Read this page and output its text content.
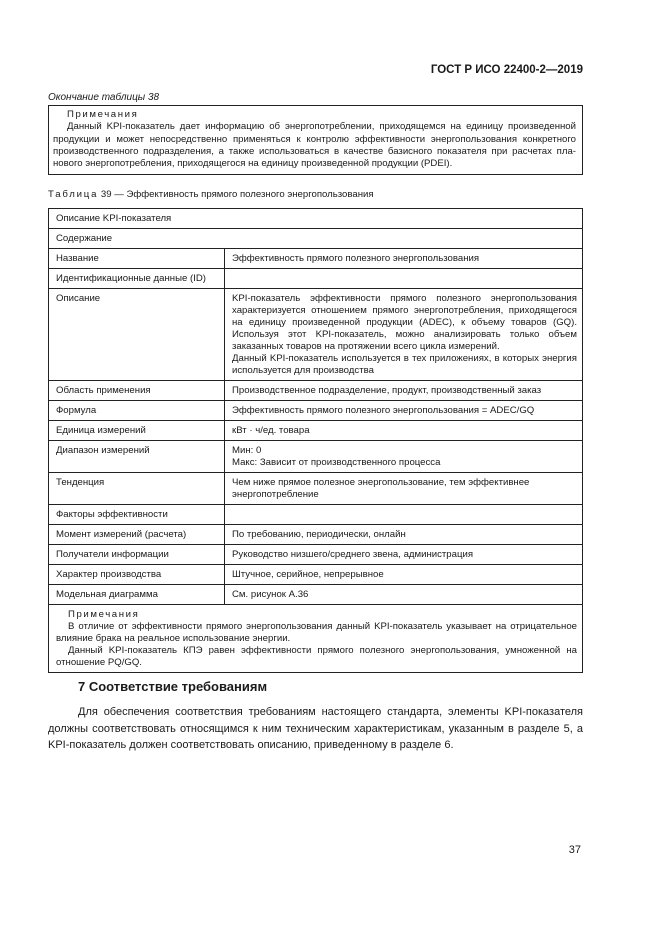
ГОСТ Р ИСО 22400-2—2019
Окончание таблицы 38
Примечания

Данный KPI-показатель дает информацию об энергопотреблении, приходящемся на единицу произведенной продукции и может непосредственно применяться к контролю эффективности энергопользования конкретного производственного подразделения, а также использоваться в качестве базисного показателя при расчетах пла- нового энергопотребления, приходящегося на единицу произведенной продукции (PDEI).

Таблица 39 — Эффективность прямого полезного энергопользования
Описание KPI-показателя	
Содержание	
Название	Эффективность прямого полезного энергопользования
Идентификационные данные (ID)	
Описание	KPI-показатель эффективности прямого полезного энергопользования характеризуется отношением прямого энергопотребления, приходящегося на единицу произведенной продукции (ADEC), к объему товаров (GQ). Используя этот KPI-показатель, можно анализировать только объем заказанных товаров на протяжении всего цикла измерений.
Данный KPI-показатель используется в тех приложениях, в которых энергия используется для производства

Область применения	Производственное подразделение, продукт, производственный заказ
Формула	Эффективность прямого полезного энергопользования = ADEC/GQ
Единица измерений	кВт · ч/ед. товара
Диапазон измерений	Мин: 0
Макс: Зависит от производственного процесса

Тенденция	Чем ниже прямое полезное энергопользование, тем эффективнее энергопотребление
Факторы эффективности	
Момент измерений (расчета)	По требованию, периодически, онлайн
Получатели информации	Руководство низшего/среднего звена, администрация
Характер производства	Штучное, серийное, непрерывное
Модельная диаграмма	См. рисунок А.36

Примечания

В отличие от эффективности прямого энергопользования данный KPI-показатель указывает на отрицательное влияние брака на реальное использование энергии.

Данный KPI-показатель КПЭ равен эффективности прямого полезного энергопользования, умноженной на отношение PQ/GQ.	

7 Соответствие требованиям

Для обеспечения соответствия требованиям настоящего стандарта, элементы KPI-показателя должны соответствовать относящимся к ним техническим характеристикам, указанным в разделе 5, а KPI-показатель должен соответствовать описанию, приведенному в разделе 6.

37
